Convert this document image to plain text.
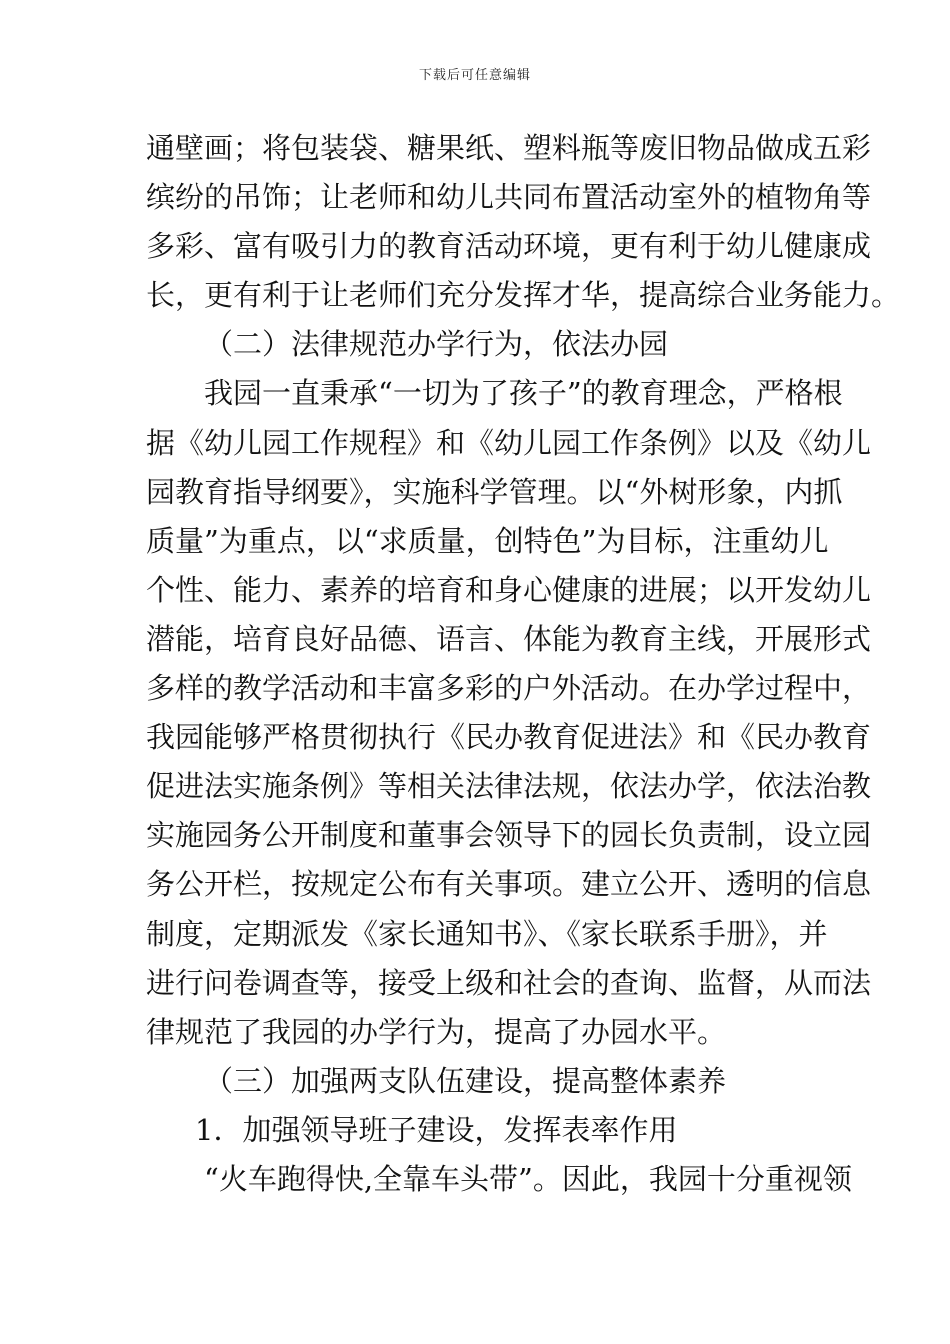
下载后可任意编辑
通壁画；将包装袋、糖果纸、塑料瓶等废旧物品做成五彩
缤纷的吊饰；让老师和幼儿共同布置活动室外的植物角等
多彩、富有吸引力的教育活动环境，更有利于幼儿健康成
长，更有利于让老师们充分发挥才华，提高综合业务能力。
（二）法律规范办学行为，依法办园
我园一直秉承“一切为了孩子”的教育理念，严格根
据《幼儿园工作规程》和《幼儿园工作条例》以及《幼儿
园教育指导纲要》，实施科学管理。以“外树形象，内抓
质量”为重点，以“求质量，创特色”为目标，注重幼儿
个性、能力、素养的培育和身心健康的进展；以开发幼儿
潜能，培育良好品德、语言、体能为教育主线，开展形式
多样的教学活动和丰富多彩的户外活动。在办学过程中，
我园能够严格贯彻执行《民办教育促进法》和《民办教育
促进法实施条例》等相关法律法规，依法办学，依法治教
实施园务公开制度和董事会领导下的园长负责制，设立园
务公开栏，按规定公布有关事项。建立公开、透明的信息
制度，定期派发《家长通知书》、《家长联系手册》，并
进行问卷调查等，接受上级和社会的查询、监督，从而法
律规范了我园的办学行为，提高了办园水平。
（三）加强两支队伍建设，提高整体素养
1．加强领导班子建设，发挥表率作用
“火车跑得快,全靠车头带”。因此，我园十分重视领
